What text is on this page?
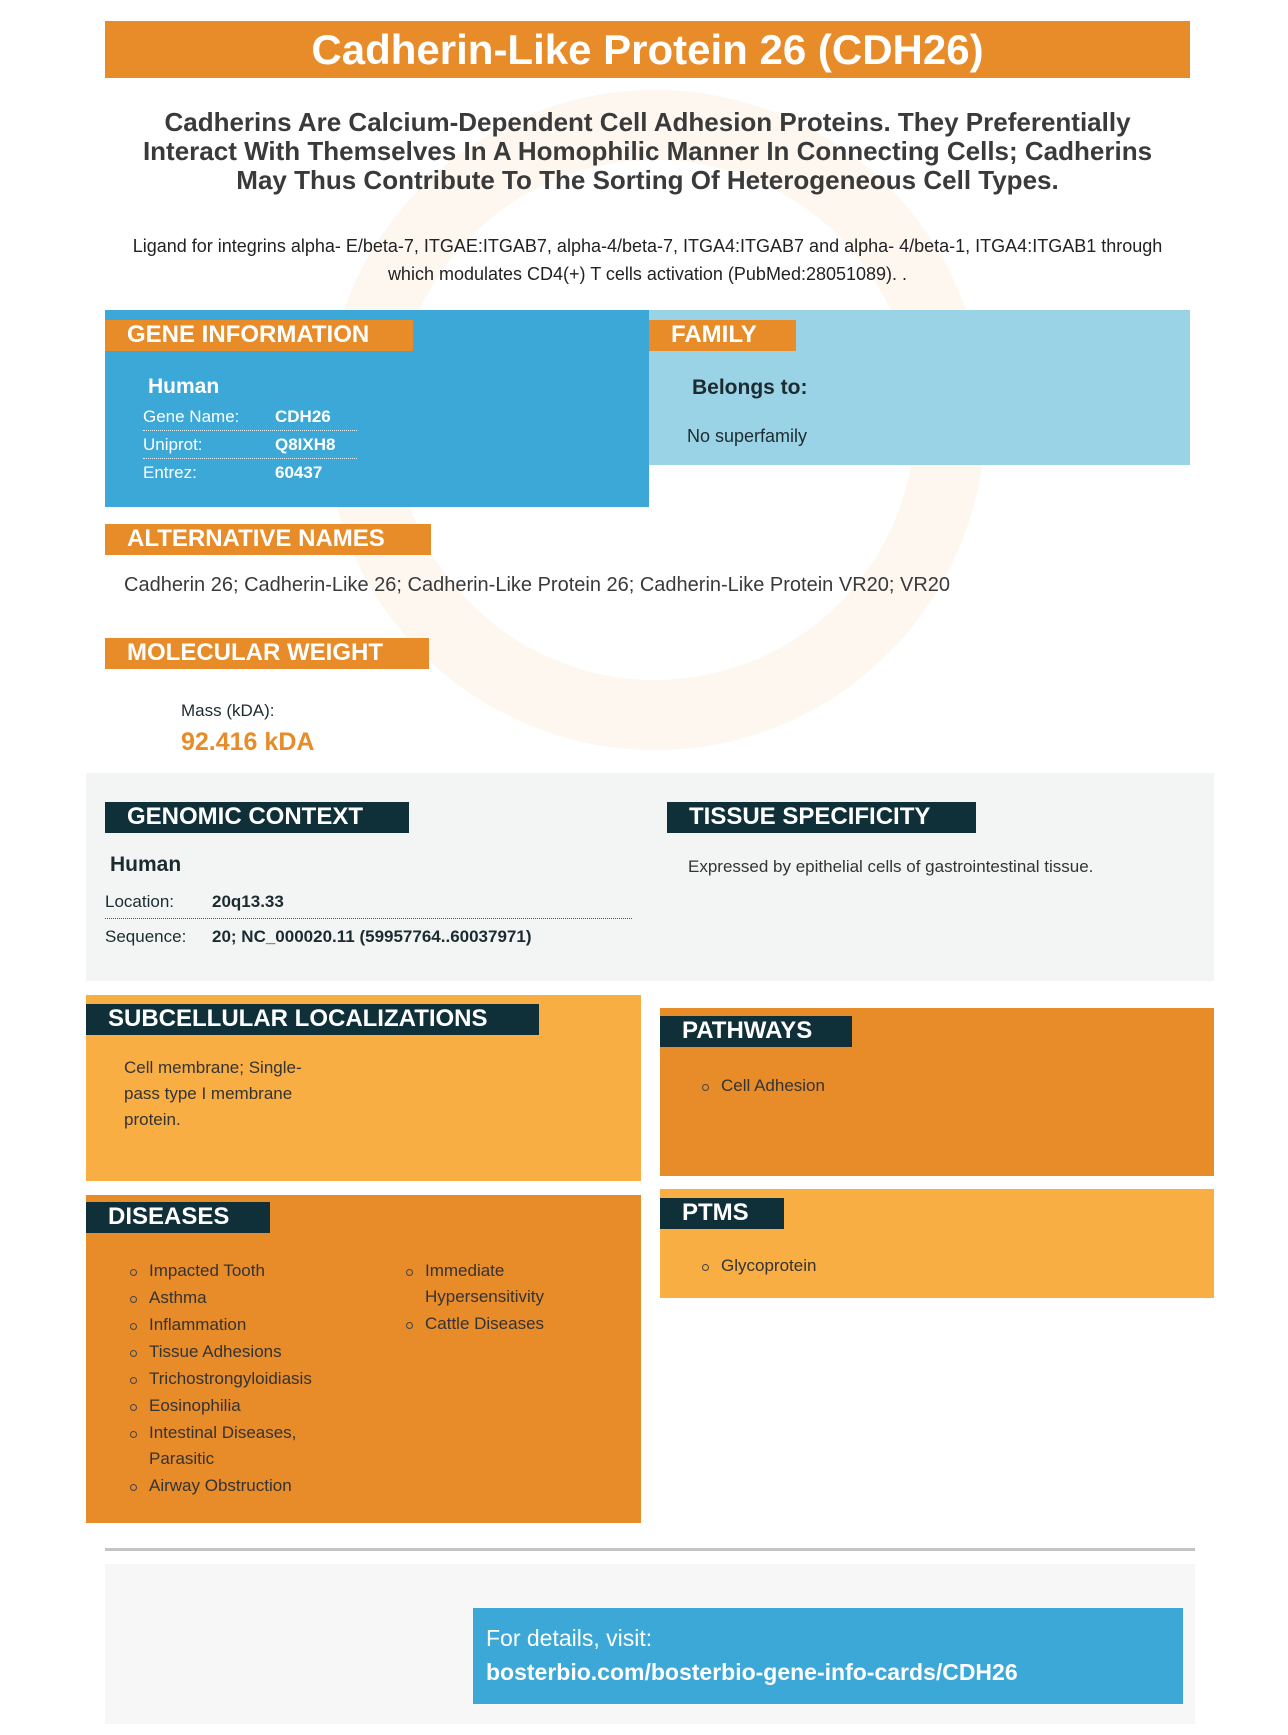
Cadherin-Like Protein 26 (CDH26)
Cadherins Are Calcium-Dependent Cell Adhesion Proteins. They Preferentially Interact With Themselves In A Homophilic Manner In Connecting Cells; Cadherins May Thus Contribute To The Sorting Of Heterogeneous Cell Types.
Ligand for integrins alpha- E/beta-7, ITGAE:ITGAB7, alpha-4/beta-7, ITGA4:ITGAB7 and alpha- 4/beta-1, ITGA4:ITGAB1 through which modulates CD4(+) T cells activation (PubMed:28051089). .
GENE INFORMATION
Human
Gene Name: CDH26
Uniprot:	Q8IXH8
Entrez:	60437
FAMILY
Belongs to:
No superfamily
ALTERNATIVE NAMES
Cadherin 26; Cadherin-Like 26; Cadherin-Like Protein 26; Cadherin-Like Protein VR20; VR20
MOLECULAR WEIGHT
Mass (kDA):
92.416 kDA
GENOMIC CONTEXT
Human
Location: 20q13.33
Sequence: 20; NC_000020.11 (59957764..60037971)
TISSUE SPECIFICITY
Expressed by epithelial cells of gastrointestinal tissue.
SUBCELLULAR LOCALIZATIONS
Cell membrane; Single-pass type I membrane protein.
PATHWAYS
Cell Adhesion
PTMS
Glycoprotein
DISEASES
Impacted Tooth
Asthma
Inflammation
Tissue Adhesions
Trichostrongyloidiasis
Eosinophilia
Intestinal Diseases, Parasitic
Airway Obstruction
Immediate Hypersensitivity
Cattle Diseases
For details, visit:
bosterbio.com/bosterbio-gene-info-cards/CDH26
